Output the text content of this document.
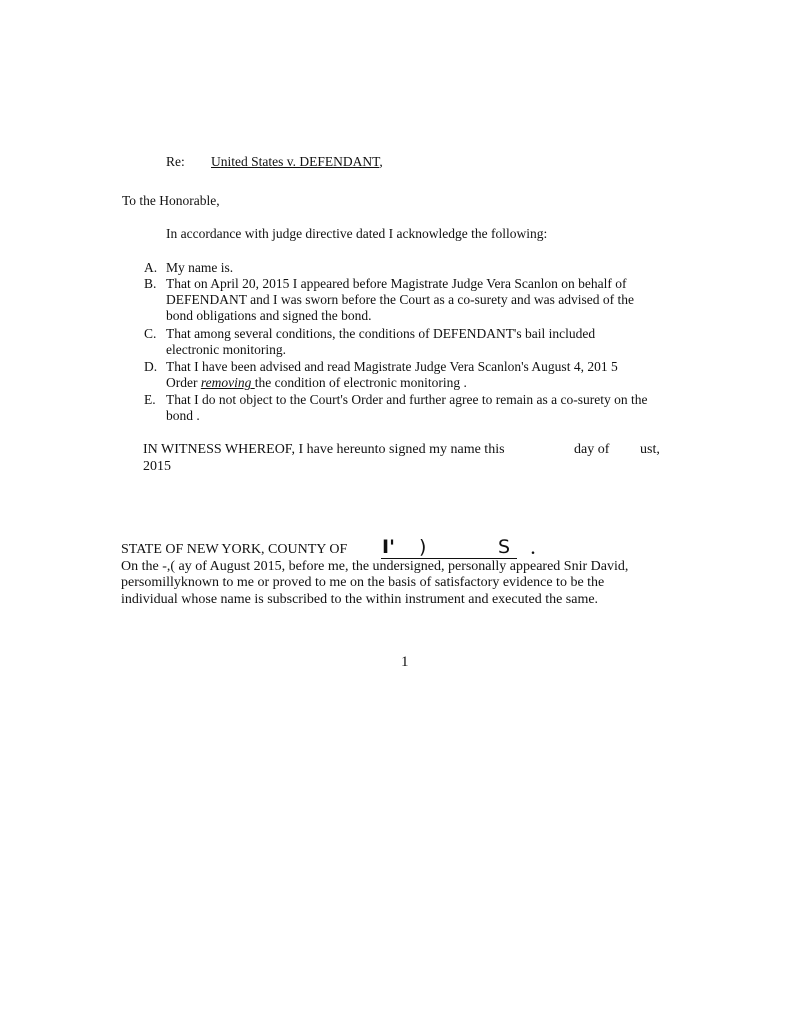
Re: United States v. DEFENDANT,
To the Honorable,
In accordance with judge directive dated I acknowledge the following:
A. My name is.
B. That on April 20, 2015 I appeared before Magistrate Judge Vera Scanlon on behalf of
DEFENDANT and I was sworn before the Court as a co-surety and was advised of the
bond obligations and signed the bond.
C. That among several conditions, the conditions of DEFENDANT's bail included
electronic monitoring.
D. That I have been advised and read Magistrate Judge Vera Scanlon's August 4, 201 5
Order removing the condition of electronic monitoring .
E. That I do not object to the Court's Order and further agree to remain as a co-surety on the
bond .
IN WITNESS WHEREOF, I have hereunto signed my name this	day of ust,
2015
STATE OF NEW YORK, COUNTY OF I' )	S .
On the -,( ay of August 2015, before me, the undersigned, personally appeared Snir David,
persomillyknown to me or proved to me on the basis of satisfactory evidence to be the
individual whose name is subscribed to the within instrument and executed the same.
1
